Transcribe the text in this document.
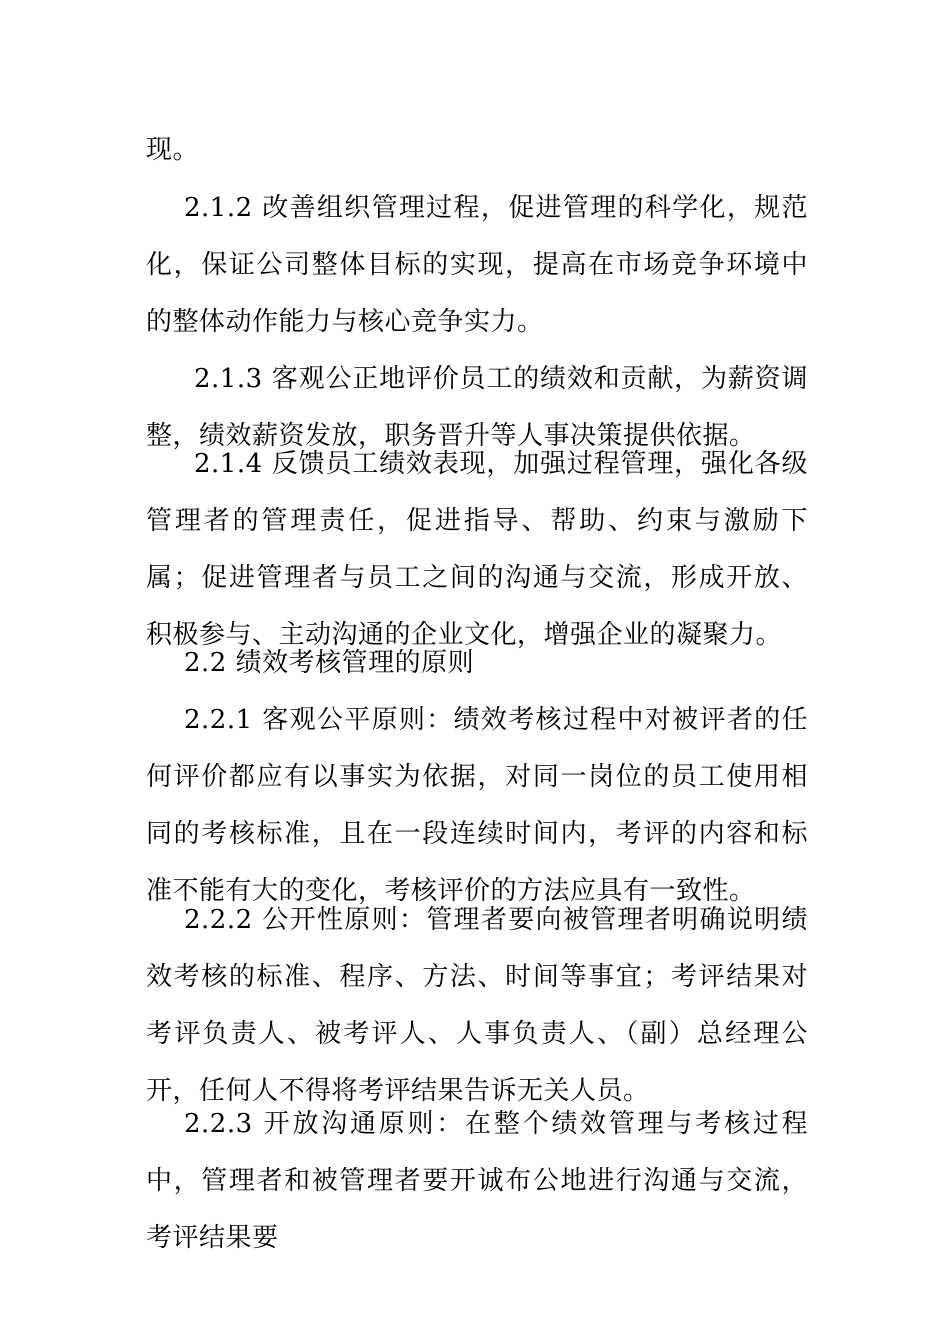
现。

2.1.2 改善组织管理过程，促进管理的科学化，规范化，保证公司整体目标的实现，提高在市场竞争环境中的整体动作能力与核心竞争实力。

2.1.3 客观公正地评价员工的绩效和贡献，为薪资调整，绩效薪资发放，职务晋升等人事决策提供依据。

2.1.4 反馈员工绩效表现，加强过程管理，强化各级管理者的管理责任，促进指导、帮助、约束与激励下属；促进管理者与员工之间的沟通与交流，形成开放、积极参与、主动沟通的企业文化，增强企业的凝聚力。

2.2 绩效考核管理的原则

2.2.1 客观公平原则：绩效考核过程中对被评者的任何评价都应有以事实为依据，对同一岗位的员工使用相同的考核标准，且在一段连续时间内，考评的内容和标准不能有大的变化，考核评价的方法应具有一致性。

2.2.2 公开性原则：管理者要向被管理者明确说明绩效考核的标准、程序、方法、时间等事宜；考评结果对考评负责人、被考评人、人事负责人、（副）总经理公开，任何人不得将考评结果告诉无关人员。

2.2.3 开放沟通原则：在整个绩效管理与考核过程中，管理者和被管理者要开诚布公地进行沟通与交流，考评结果要
